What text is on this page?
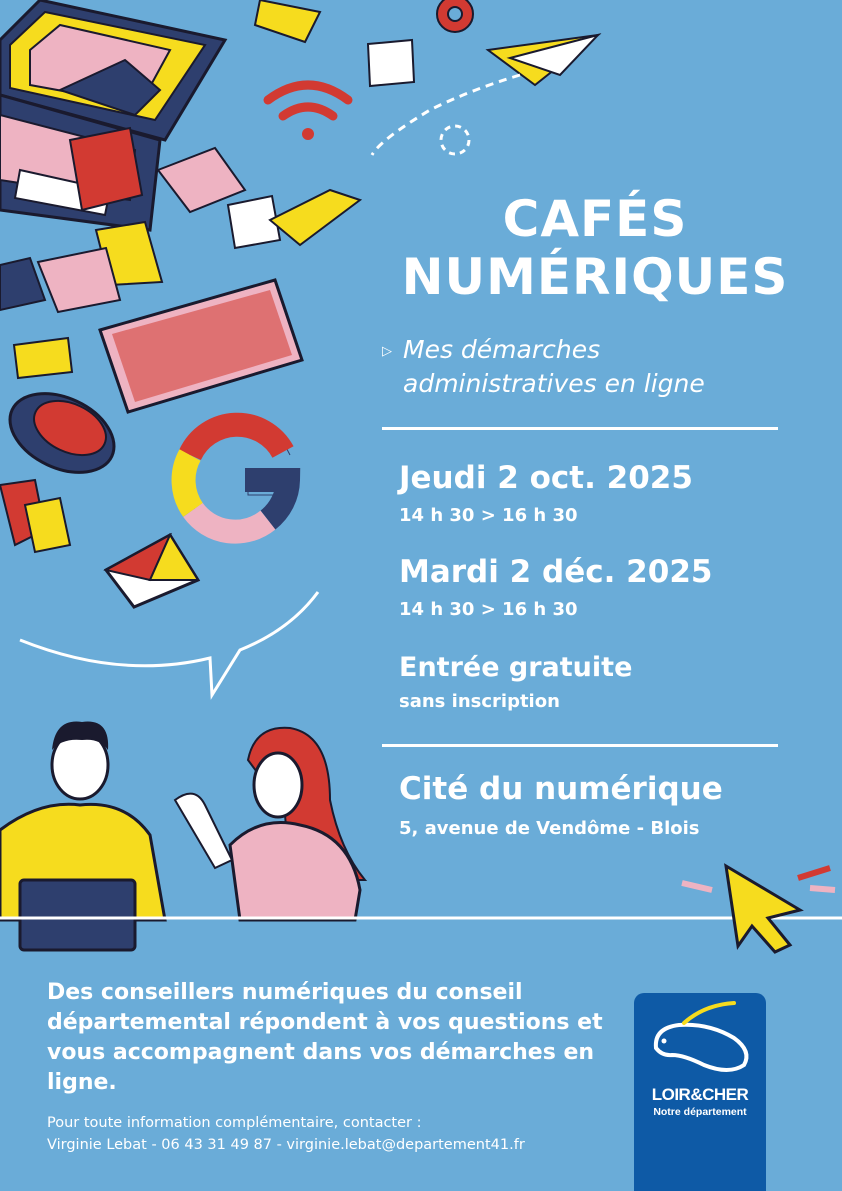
CAFÉS
NUMÉRIQUES
▷ Mes démarches
administratives en ligne
Jeudi 2 oct. 2025
14 h 30 > 16 h 30
Mardi 2 déc. 2025
14 h 30 > 16 h 30
Entrée gratuite
sans inscription
Cité du numérique
5, avenue de Vendôme - Blois
Des conseillers numériques du conseil départemental répondent à vos questions et vous accompagnent dans vos démarches en ligne.
Pour toute information complémentaire, contacter :
Virginie Lebat - 06 43 31 49 87 - virginie.lebat@departement41.fr
LOIR&CHER
Notre département
